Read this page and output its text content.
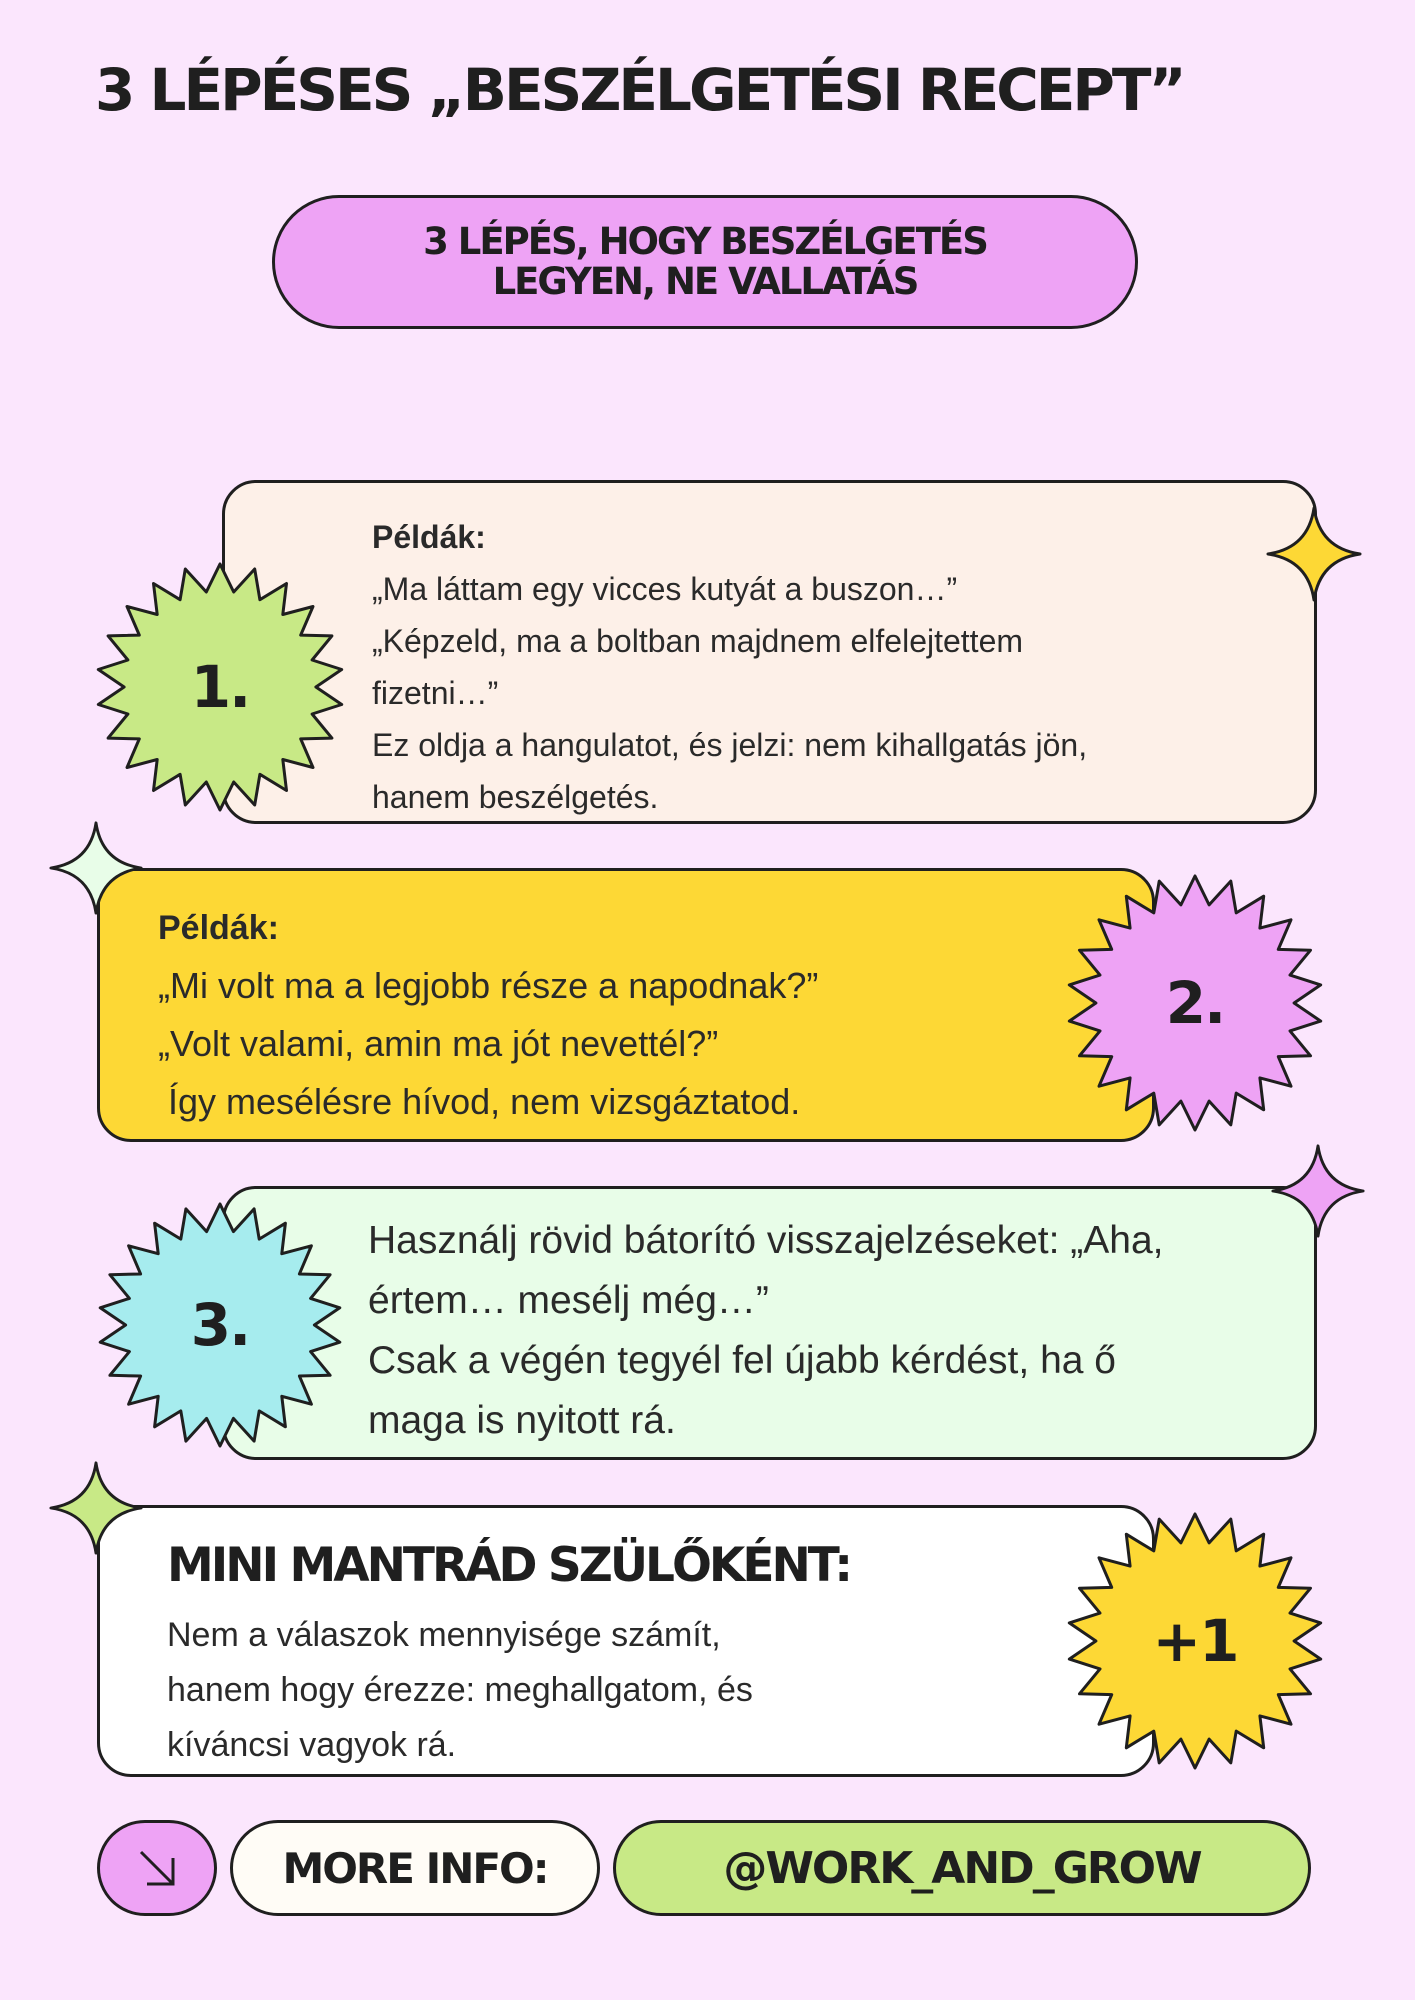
3 LÉPÉSES „BESZÉLGETÉSI RECEPT”
3 LÉPÉS, HOGY BESZÉLGETÉS
LEGYEN, NE VALLATÁS
Példák:
„Ma láttam egy vicces kutyát a buszon…”
„Képzeld, ma a boltban majdnem elfelejtettem
fizetni…”
Ez oldja a hangulatot, és jelzi: nem kihallgatás jön,
hanem beszélgetés.
1.
Példák:
„Mi volt ma a legjobb része a napodnak?”
„Volt valami, amin ma jót nevettél?”
Így mesélésre hívod, nem vizsgáztatod.
2.
Használj rövid bátorító visszajelzéseket: „Aha,
értem… mesélj még…”
Csak a végén tegyél fel újabb kérdést, ha ő
maga is nyitott rá.
3.
MINI MANTRÁD SZÜLŐKÉNT:
Nem a válaszok mennyisége számít,
hanem hogy érezze: meghallgatom, és
kíváncsi vagyok rá.
+1
MORE INFO:	@WORK_AND_GROW
